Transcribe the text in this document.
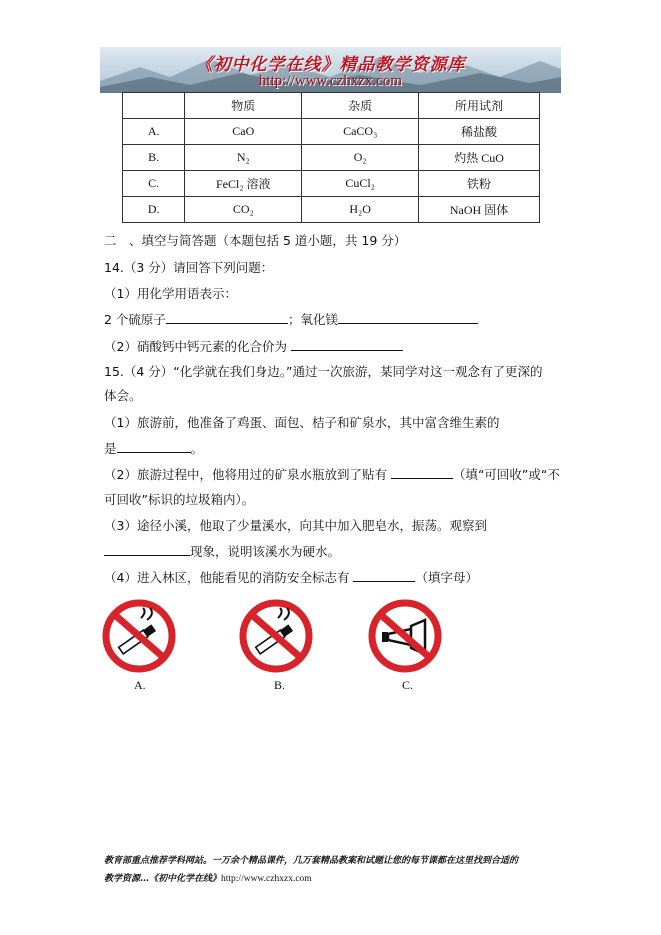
《初中化学在线》精品教学资源库
http://www.czhxzx.com
	物质	杂质	所用试剂
A.	CaO	CaCO₃	稀盐酸
B.	N₂	O₂	灼热 CuO
C.	FeCl₂ 溶液	CuCl₂	铁粉
D.	CO₂	H₂O	NaOH 固体
二　、填空与简答题（本题包括 5 道小题，共 19 分）
14.（3 分）请回答下列问题：
（1）用化学用语表示：
2 个硫原子	；氧化镁
（2）硝酸钙中钙元素的化合价为
15.（4 分）“化学就在我们身边。”通过一次旅游，某同学对这一观念有了更深的
体会。
（1）旅游前，他准备了鸡蛋、面包、桔子和矿泉水，其中富含维生素的
是	。
（2）旅游过程中，他将用过的矿泉水瓶放到了贴有	（填“可回收”或“不
可回收”标识的垃圾箱内）。
（3）途径小溪，他取了少量溪水，向其中加入肥皂水，振荡。观察到
现象，说明该溪水为硬水。
（4）进入林区，他能看见的消防安全标志有	（填字母）
A.	B.	C.
教育部重点推荐学科网站。一万余个精品课件，几万套精品教案和试题让您的每节课都在这里找到合适的
教学资源…《初中化学在线》http://www.czhxzx.com
